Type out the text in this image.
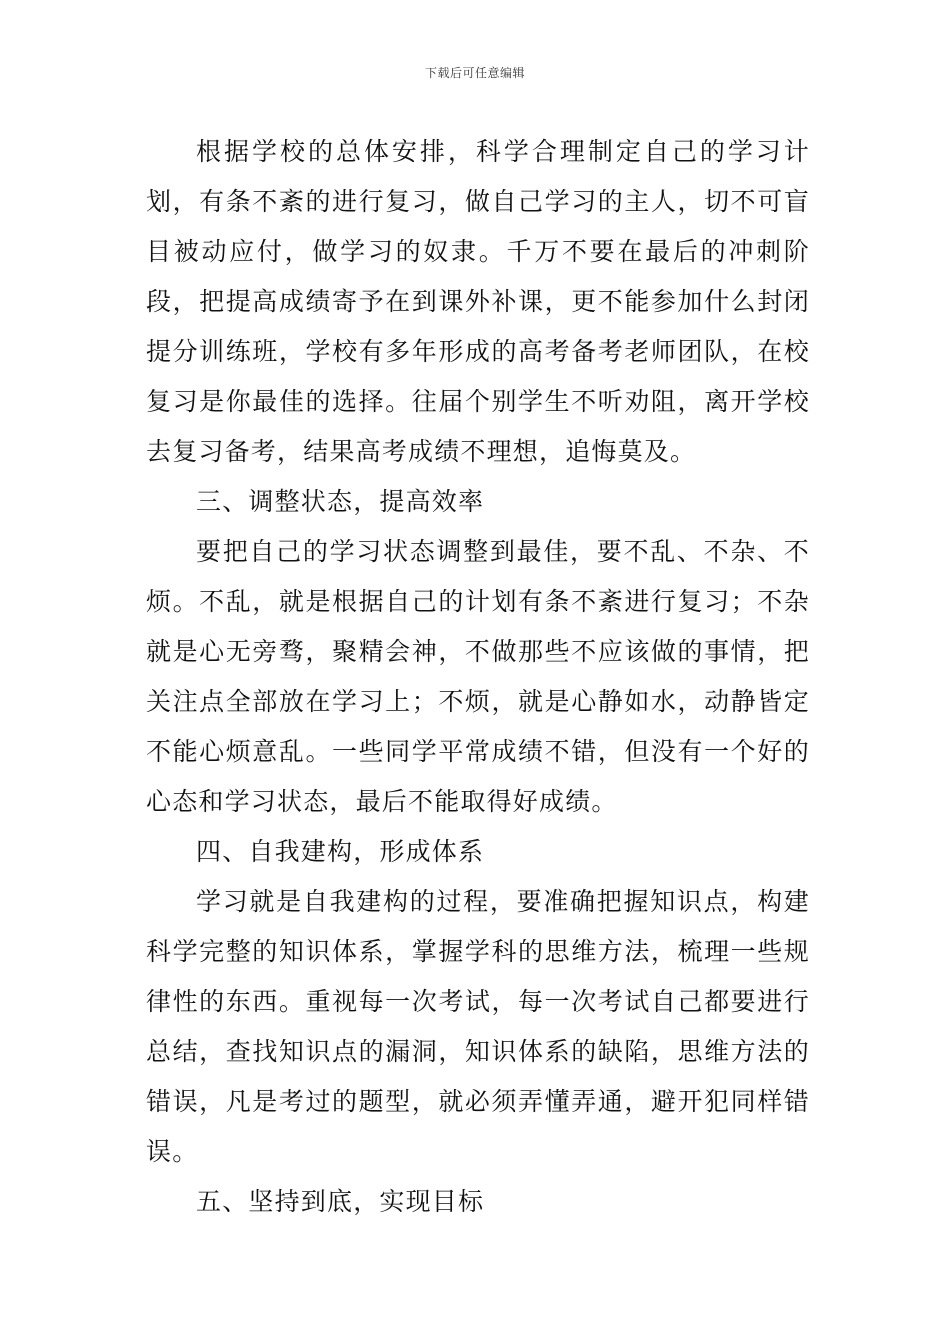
下载后可任意编辑

根据学校的总体安排，科学合理制定自己的学习计划，有条不紊的进行复习，做自己学习的主人，切不可盲目被动应付，做学习的奴隶。千万不要在最后的冲刺阶段，把提高成绩寄予在到课外补课，更不能参加什么封闭提分训练班，学校有多年形成的高考备考老师团队，在校复习是你最佳的选择。往届个别学生不听劝阻，离开学校去复习备考，结果高考成绩不理想，追悔莫及。

三、调整状态，提高效率

要把自己的学习状态调整到最佳，要不乱、不杂、不烦。不乱，就是根据自己的计划有条不紊进行复习；不杂就是心无旁骛，聚精会神，不做那些不应该做的事情，把关注点全部放在学习上；不烦，就是心静如水，动静皆定不能心烦意乱。一些同学平常成绩不错，但没有一个好的心态和学习状态，最后不能取得好成绩。

四、自我建构，形成体系

学习就是自我建构的过程，要准确把握知识点，构建科学完整的知识体系，掌握学科的思维方法，梳理一些规律性的东西。重视每一次考试，每一次考试自己都要进行总结，查找知识点的漏洞，知识体系的缺陷，思维方法的错误，凡是考过的题型，就必须弄懂弄通，避开犯同样错误。

五、坚持到底，实现目标
